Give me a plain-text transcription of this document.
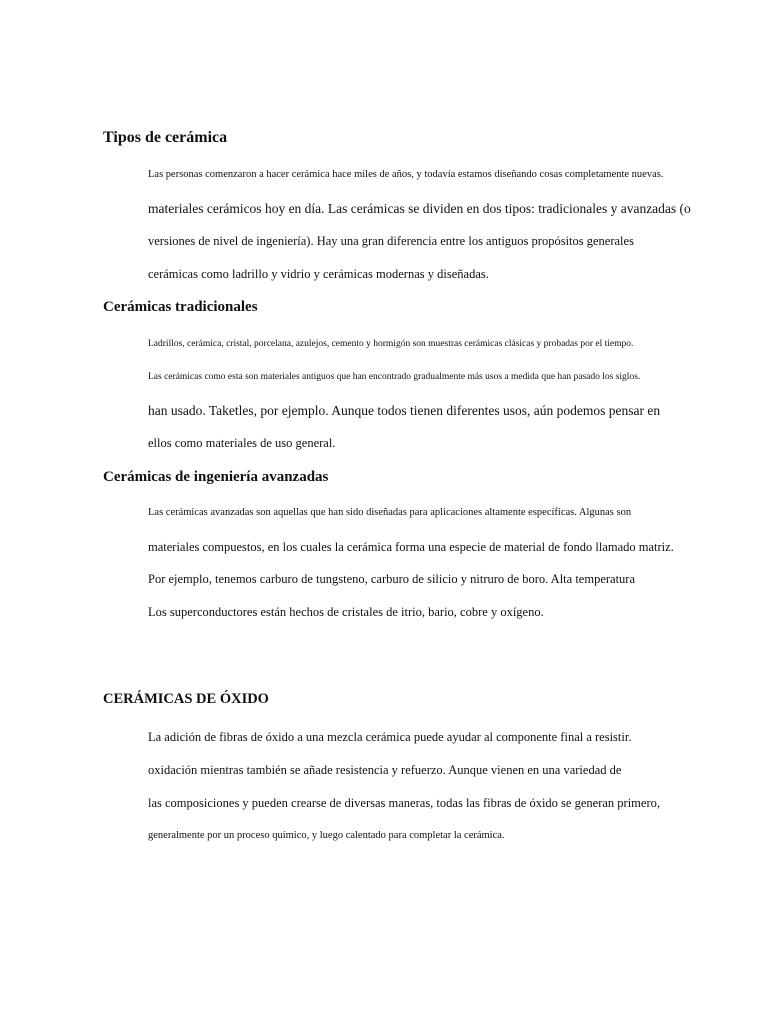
Tipos de cerámica

Las personas comenzaron a hacer cerámica hace miles de años, y todavía estamos diseñando cosas completamente nuevas.

materiales cerámicos hoy en día. Las cerámicas se dividen en dos tipos: tradicionales y avanzadas (o

versiones de nivel de ingeniería). Hay una gran diferencia entre los antiguos propósitos generales

cerámicas como ladrillo y vidrio y cerámicas modernas y diseñadas.

Cerámicas tradicionales

Ladrillos, cerámica, cristal, porcelana, azulejos, cemento y hormigón son muestras cerámicas clásicas y probadas por el tiempo.

Las cerámicas como esta son materiales antiguos que han encontrado gradualmente más usos a medida que han pasado los siglos.

han usado. Taketles, por ejemplo. Aunque todos tienen diferentes usos, aún podemos pensar en

ellos como materiales de uso general.

Cerámicas de ingeniería avanzadas

Las cerámicas avanzadas son aquellas que han sido diseñadas para aplicaciones altamente específicas. Algunas son

materiales compuestos, en los cuales la cerámica forma una especie de material de fondo llamado matriz.

Por ejemplo, tenemos carburo de tungsteno, carburo de silicio y nitruro de boro. Alta temperatura

Los superconductores están hechos de cristales de itrio, bario, cobre y oxígeno.

CERÁMICAS DE ÓXIDO

La adición de fibras de óxido a una mezcla cerámica puede ayudar al componente final a resistir.

oxidación mientras también se añade resistencia y refuerzo. Aunque vienen en una variedad de

las composiciones y pueden crearse de diversas maneras, todas las fibras de óxido se generan primero,

generalmente por un proceso químico, y luego calentado para completar la cerámica.
